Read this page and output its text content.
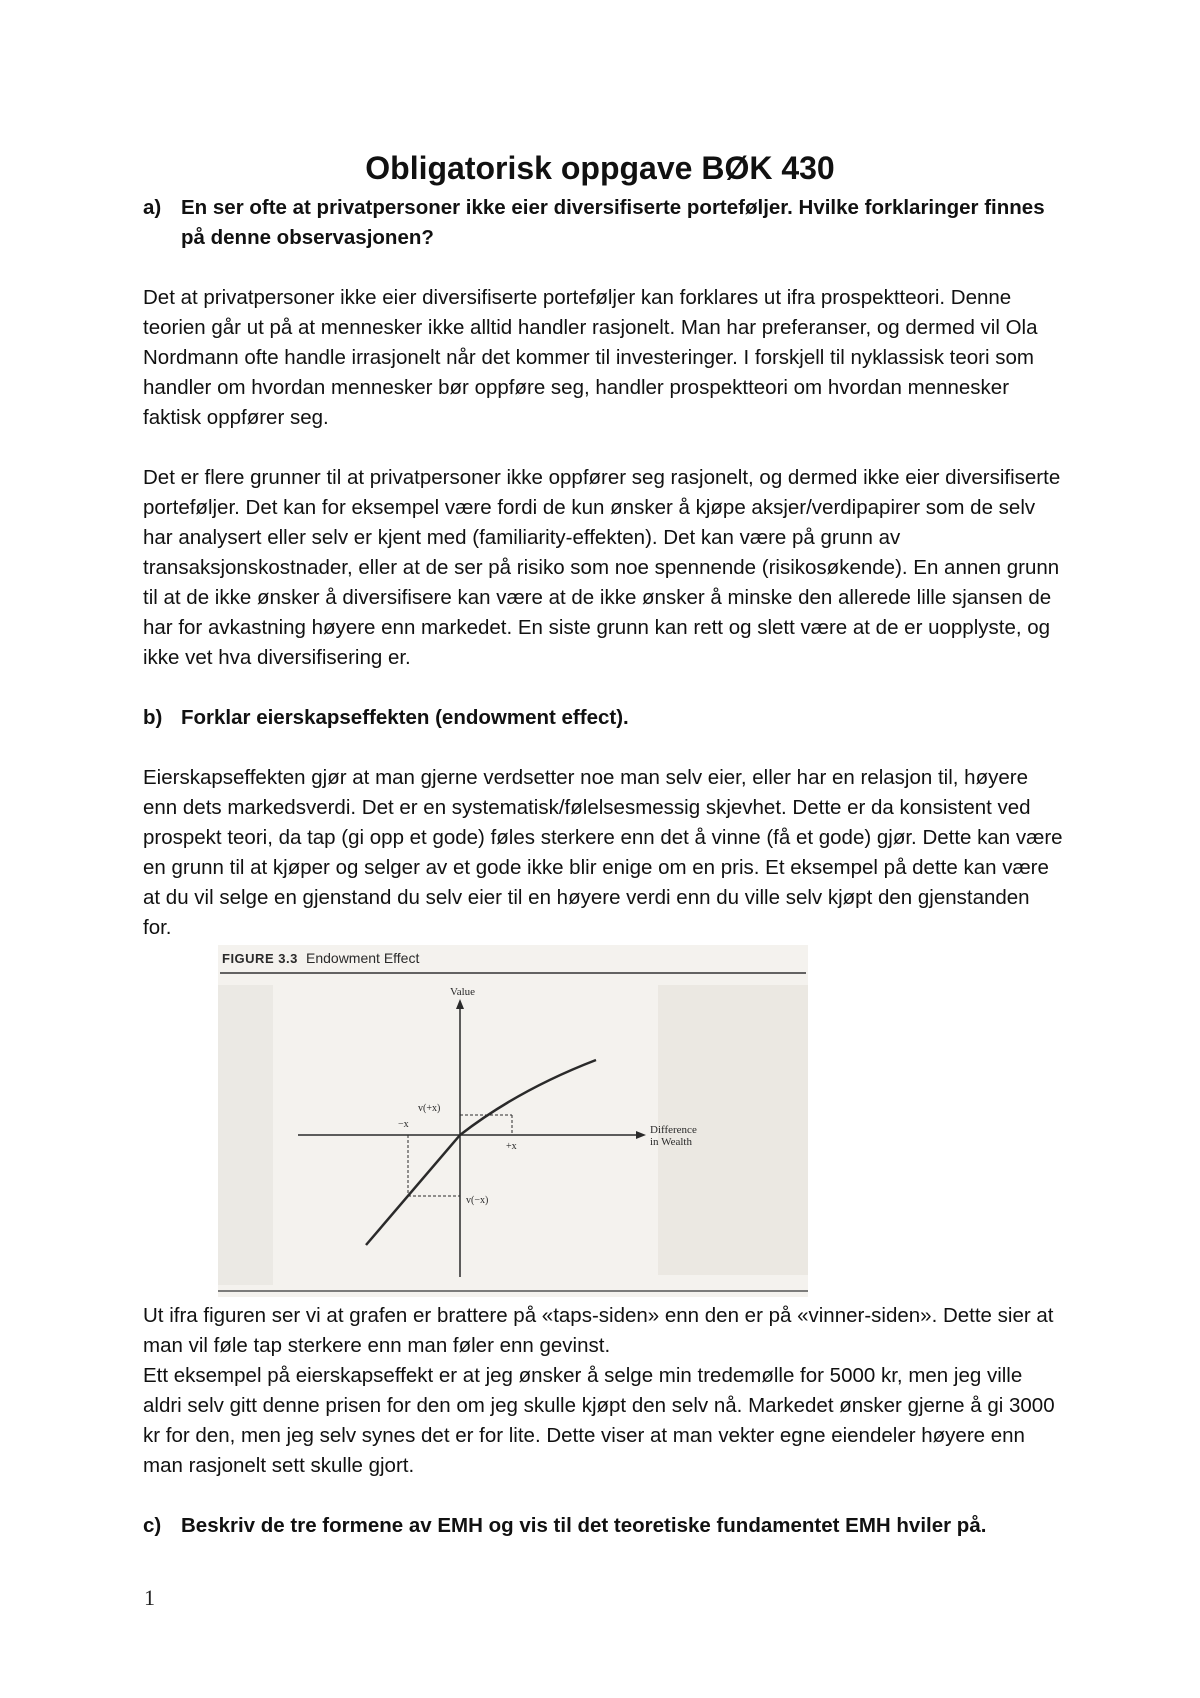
Obligatorisk oppgave BØK 430
a) En ser ofte at privatpersoner ikke eier diversifiserte porteføljer. Hvilke forklaringer finnes på denne observasjonen?

Det at privatpersoner ikke eier diversifiserte porteføljer kan forklares ut ifra prospektteori. Denne teorien går ut på at mennesker ikke alltid handler rasjonelt. Man har preferanser, og dermed vil Ola Nordmann ofte handle irrasjonelt når det kommer til investeringer. I forskjell til nyklassisk teori som handler om hvordan mennesker bør oppføre seg, handler prospektteori om hvordan mennesker faktisk oppfører seg.

Det er flere grunner til at privatpersoner ikke oppfører seg rasjonelt, og dermed ikke eier diversifiserte porteføljer. Det kan for eksempel være fordi de kun ønsker å kjøpe aksjer/verdipapirer som de selv har analysert eller selv er kjent med (familiarity-effekten). Det kan være på grunn av transaksjonskostnader, eller at de ser på risiko som noe spennende (risikosøkende). En annen grunn til at de ikke ønsker å diversifisere kan være at de ikke ønsker å minske den allerede lille sjansen de har for avkastning høyere enn markedet. En siste grunn kan rett og slett være at de er uopplyste, og ikke vet hva diversifisering er.

b) Forklar eierskapseffekten (endowment effect).

Eierskapseffekten gjør at man gjerne verdsetter noe man selv eier, eller har en relasjon til, høyere enn dets markedsverdi. Det er en systematisk/følelsesmessig skjevhet. Dette er da konsistent ved prospekt teori, da tap (gi opp et gode) føles sterkere enn det å vinne (få et gode) gjør. Dette kan være en grunn til at kjøper og selger av et gode ikke blir enige om en pris. Et eksempel på dette kan være at du vil selge en gjenstand du selv eier til en høyere verdi enn du ville selv kjøpt den gjenstanden for.

FIGURE 3.3 Endowment Effect
Value
Difference
in Wealth
v(+x)
−x
+x
v(−x)

Ut ifra figuren ser vi at grafen er brattere på «taps-siden» enn den er på «vinner-siden». Dette sier at man vil føle tap sterkere enn man føler enn gevinst.

Ett eksempel på eierskapseffekt er at jeg ønsker å selge min tredemølle for 5000 kr, men jeg ville aldri selv gitt denne prisen for den om jeg skulle kjøpt den selv nå. Markedet ønsker gjerne å gi 3000 kr for den, men jeg selv synes det er for lite. Dette viser at man vekter egne eiendeler høyere enn man rasjonelt sett skulle gjort.

c) Beskriv de tre formene av EMH og vis til det teoretiske fundamentet EMH hviler på.
1
